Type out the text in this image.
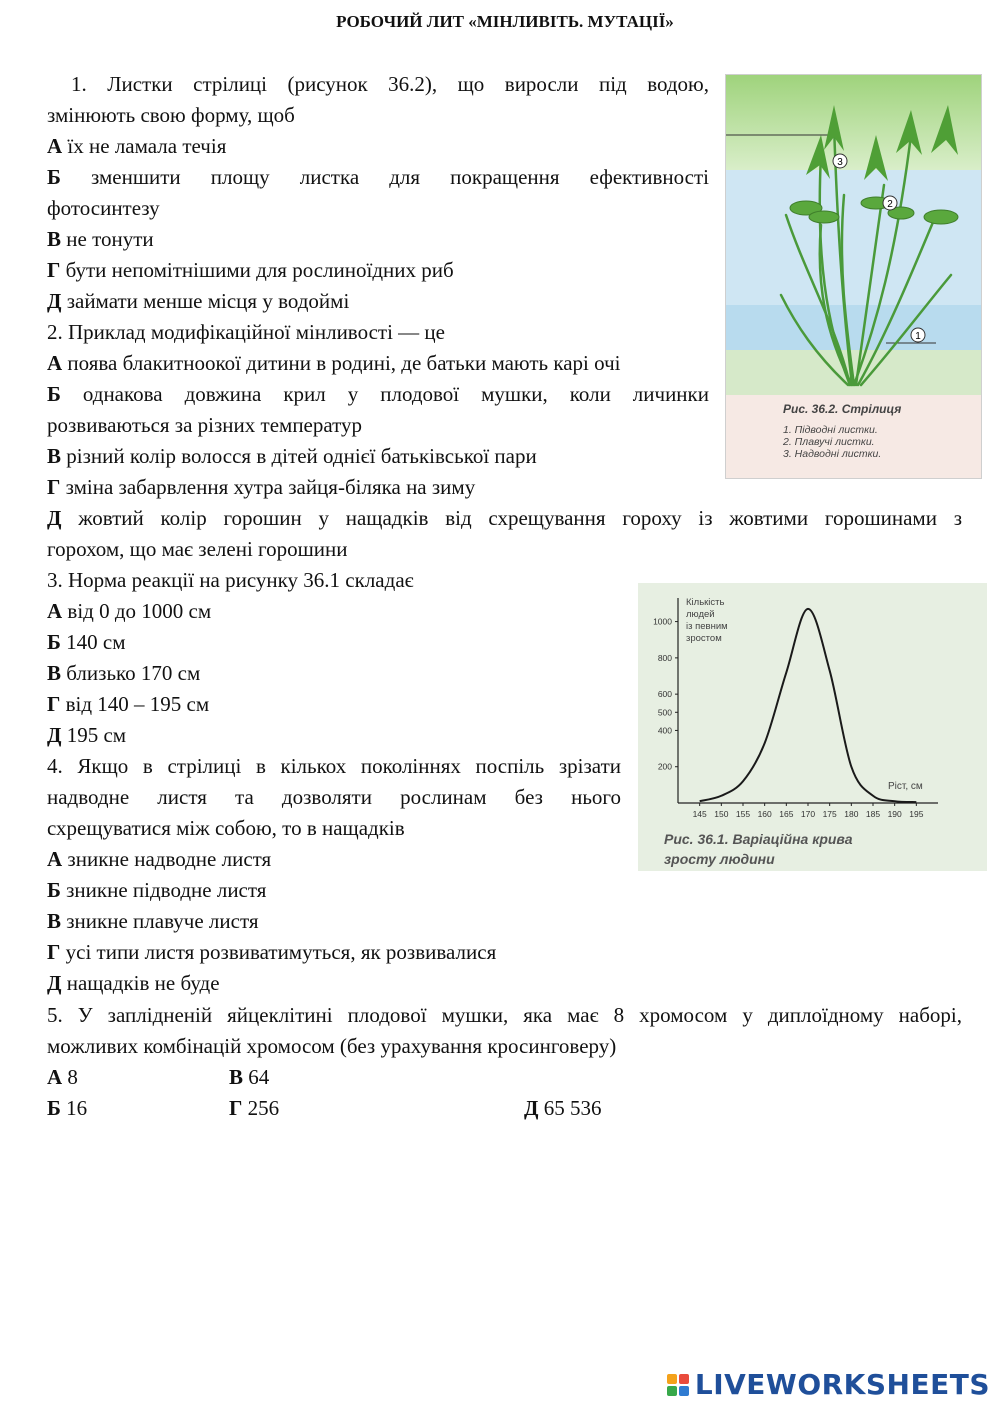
РОБОЧИЙ ЛИТ «МІНЛИВІТЬ. МУТАЦІЇ»

1. Листки стрілиці (рисунок 36.2), що виросли під водою,

змінюють свою форму, щоб

А їх не ламала течія

Б зменшити площу листка для покращення ефективності

фотосинтезу

В не тонути

Г бути непомітнішими для рослиноїдних риб

Д займати менше місця у водоймі

2. Приклад модифікаційної мінливості — це

А поява блакитноокої дитини в родині, де батьки мають карі очі

Б однакова довжина крил у плодової мушки, коли личинки

розвиваються за різних температур

В різний колір волосся в дітей однієї батьківської пари

Г зміна забарвлення хутра зайця-біляка на зиму

Д жовтий колір горошин у нащадків від схрещування гороху із жовтими горошинами з

горохом, що має зелені горошини

3. Норма реакції на рисунку 36.1 складає

А від 0 до 1000 см

Б 140 см

В близько 170 см

Г від 140 – 195 см

Д 195 см

4. Якщо в стрілиці в кількох поколіннях поспіль зрізати

надводне листя та дозволяти рослинам без нього

схрещуватися між собою, то в нащадків

А зникне надводне листя

Б зникне підводне листя

В зникне плавуче листя

Г усі типи листя розвиватимуться, як розвивалися

Д нащадків не буде

5. У заплідненій яйцеклітині плодової мушки, яка має 8 хромосом у диплоїдному наборі,

можливих комбінацій хромосом (без урахування кросинговеру)

А 8	В 64
Б 16	Г 256	Д 65 536
3
2
1
Рис. 36.2. Стрілиця
1. Підводні листки.
2. Плавучі листки.
3. Надводні листки.
200
400
500
600
800
1000
145 150 155 160 165 170 175 180 185 190 195
Кількість
людей
із певним
зростом
Ріст, см
Рис. 36.1. Варіаційна крива
зросту людини
LIVEWORKSHEETS
